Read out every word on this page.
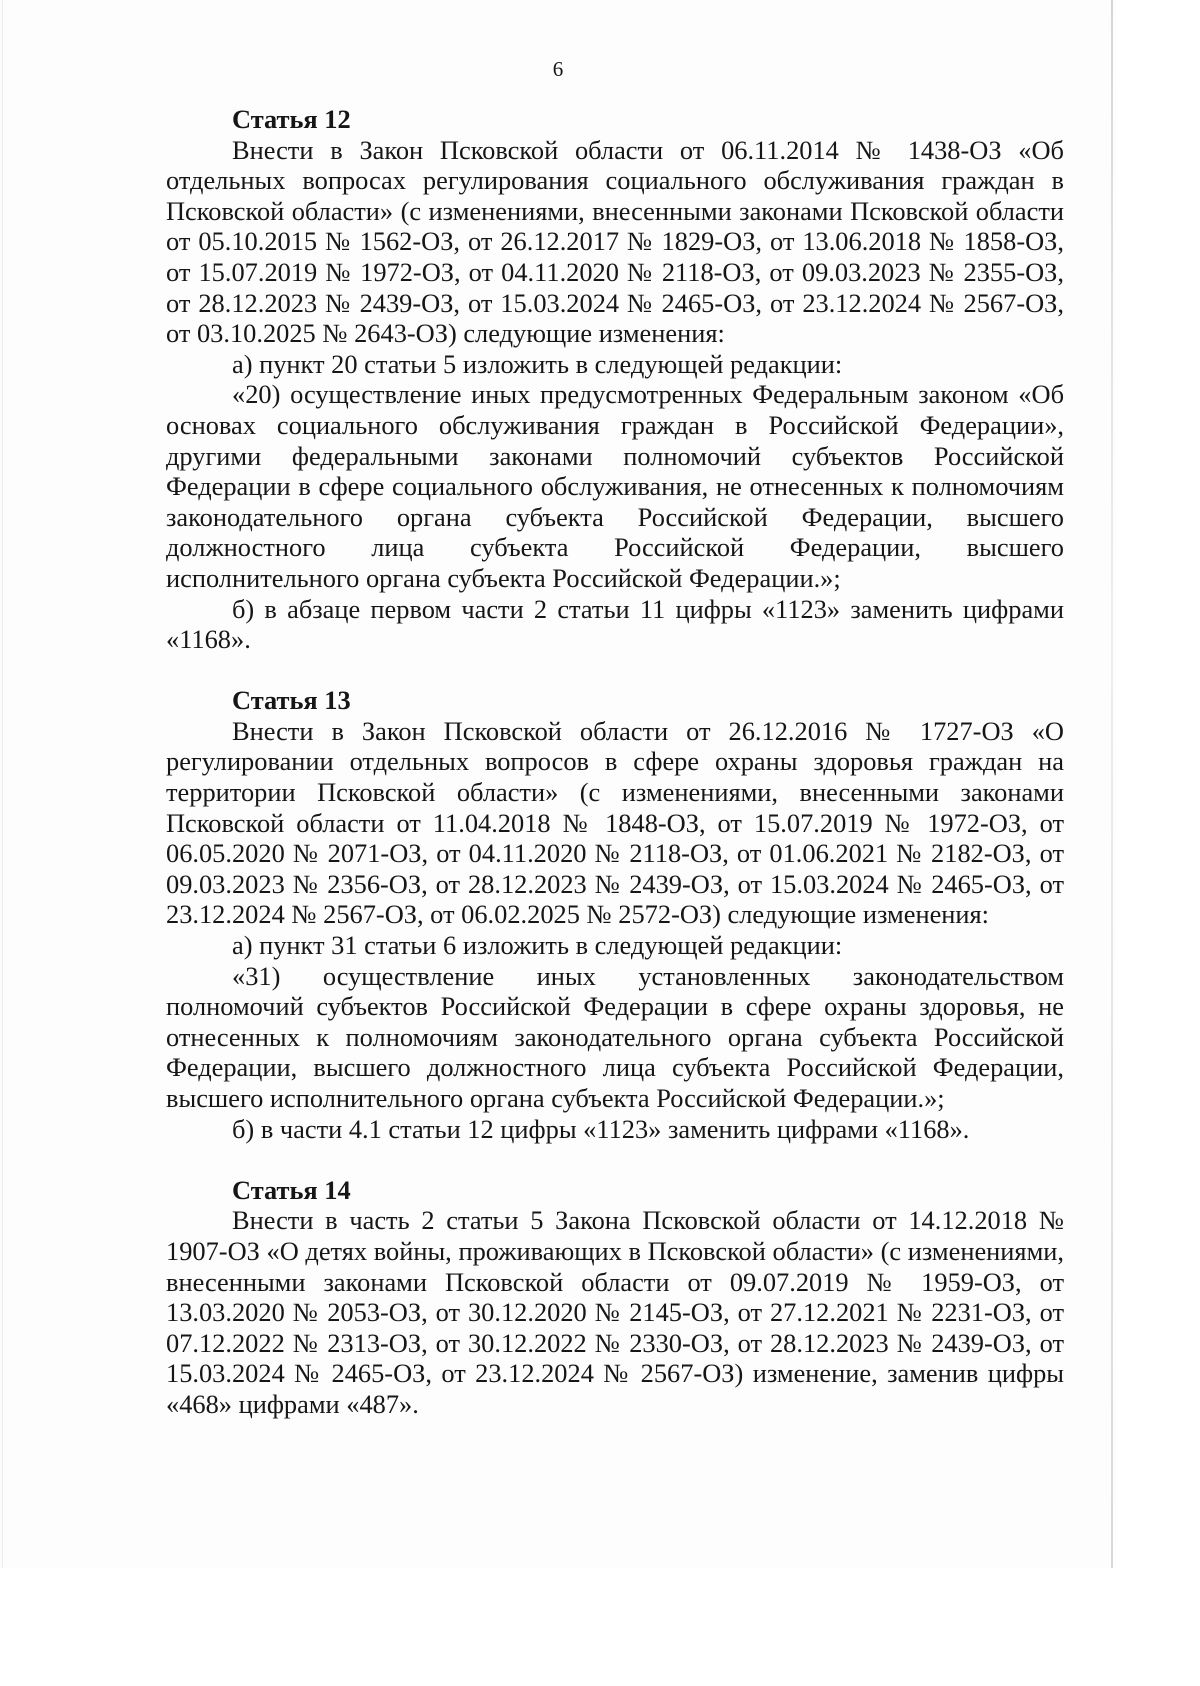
6

Статья 12

Внести в Закон Псковской области от 06.11.2014 № 1438-ОЗ «Об отдельных вопросах регулирования социального обслуживания граждан в Псковской области» (с изменениями, внесенными законами Псковской области от 05.10.2015 № 1562-ОЗ, от 26.12.2017 № 1829-ОЗ, от 13.06.2018 № 1858-ОЗ, от 15.07.2019 № 1972-ОЗ, от 04.11.2020 № 2118-ОЗ, от 09.03.2023 № 2355-ОЗ, от 28.12.2023 № 2439-ОЗ, от 15.03.2024 № 2465-ОЗ, от 23.12.2024 № 2567-ОЗ, от 03.10.2025 № 2643-ОЗ) следующие изменения:

а) пункт 20 статьи 5 изложить в следующей редакции:

«20) осуществление иных предусмотренных Федеральным законом «Об основах социального обслуживания граждан в Российской Федерации», другими федеральными законами полномочий субъектов Российской Федерации в сфере социального обслуживания, не отнесенных к полномочиям законодательного органа субъекта Российской Федерации, высшего должностного лица субъекта Российской Федерации, высшего исполнительного органа субъекта Российской Федерации.»;

б) в абзаце первом части 2 статьи 11 цифры «1123» заменить цифрами «1168».

Статья 13

Внести в Закон Псковской области от 26.12.2016 № 1727-ОЗ «О регулировании отдельных вопросов в сфере охраны здоровья граждан на территории Псковской области» (с изменениями, внесенными законами Псковской области от 11.04.2018 № 1848-ОЗ, от 15.07.2019 № 1972-ОЗ, от 06.05.2020 № 2071-ОЗ, от 04.11.2020 № 2118-ОЗ, от 01.06.2021 № 2182-ОЗ, от 09.03.2023 № 2356-ОЗ, от 28.12.2023 № 2439-ОЗ, от 15.03.2024 № 2465-ОЗ, от 23.12.2024 № 2567-ОЗ, от 06.02.2025 № 2572-ОЗ) следующие изменения:

а) пункт 31 статьи 6 изложить в следующей редакции:

«31) осуществление иных установленных законодательством полномочий субъектов Российской Федерации в сфере охраны здоровья, не отнесенных к полномочиям законодательного органа субъекта Российской Федерации, высшего должностного лица субъекта Российской Федерации, высшего исполнительного органа субъекта Российской Федерации.»;

б) в части 4.1 статьи 12 цифры «1123» заменить цифрами «1168».

Статья 14

Внести в часть 2 статьи 5 Закона Псковской области от 14.12.2018 № 1907-ОЗ «О детях войны, проживающих в Псковской области» (с изменениями, внесенными законами Псковской области от 09.07.2019 № 1959-ОЗ, от 13.03.2020 № 2053-ОЗ, от 30.12.2020 № 2145-ОЗ, от 27.12.2021 № 2231-ОЗ, от 07.12.2022 № 2313-ОЗ, от 30.12.2022 № 2330-ОЗ, от 28.12.2023 № 2439-ОЗ, от 15.03.2024 № 2465-ОЗ, от 23.12.2024 № 2567-ОЗ) изменение, заменив цифры «468» цифрами «487».
